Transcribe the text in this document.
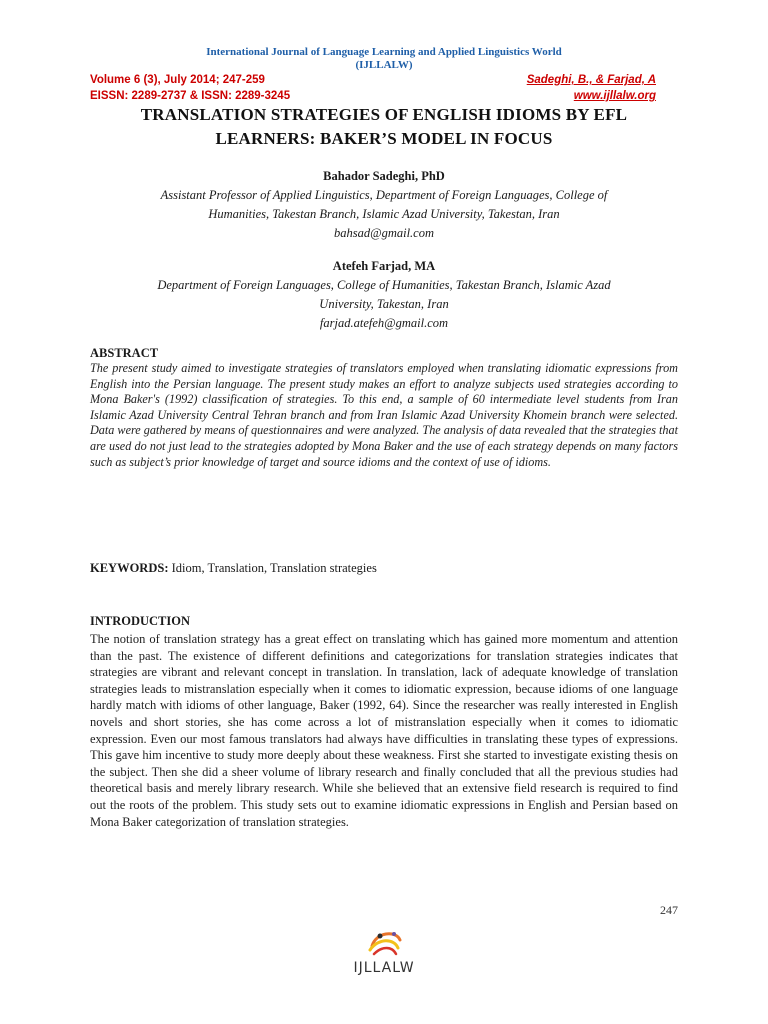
International Journal of Language Learning and Applied Linguistics World
(IJLLALW)
Volume 6 (3), July 2014; 247-259	Sadeghi, B., & Farjad, A
EISSN: 2289-2737 & ISSN: 2289-3245	www.ijllalw.org
TRANSLATION STRATEGIES OF ENGLISH IDIOMS BY EFL
LEARNERS: BAKER’S MODEL IN FOCUS
Bahador Sadeghi, PhD
Assistant Professor of Applied Linguistics, Department of Foreign Languages, College of
Humanities, Takestan Branch, Islamic Azad University, Takestan, Iran
bahsad@gmail.com
Atefeh Farjad, MA
Department of Foreign Languages, College of Humanities, Takestan Branch, Islamic Azad
University, Takestan, Iran
farjad.atefeh@gmail.com
ABSTRACT
The present study aimed to investigate strategies of translators employed when translating idiomatic expressions from English into the Persian language. The present study makes an effort to analyze subjects used strategies according to Mona Baker's (1992) classification of strategies. To this end, a sample of 60 intermediate level students from Iran Islamic Azad University Central Tehran branch and from Iran Islamic Azad University Khomein branch were selected. Data were gathered by means of questionnaires and were analyzed. The analysis of data revealed that the strategies that are used do not just lead to the strategies adopted by Mona Baker and the use of each strategy depends on many factors such as subject’s prior knowledge of target and source idioms and the context of use of idioms.
KEYWORDS: Idiom, Translation, Translation strategies
INTRODUCTION
The notion of translation strategy has a great effect on translating which has gained more momentum and attention than the past. The existence of different definitions and categorizations for translation strategies indicates that strategies are vibrant and relevant concept in translation. In translation, lack of adequate knowledge of translation strategies leads to mistranslation especially when it comes to idiomatic expression, because idioms of one language hardly match with idioms of other language, Baker (1992, 64). Since the researcher was really interested in English novels and short stories, she has come across a lot of mistranslation especially when it comes to idiomatic expression. Even our most famous translators had always have difficulties in translating these types of expressions. This gave him incentive to study more deeply about these weakness. First she started to investigate existing thesis on the subject. Then she did a sheer volume of library research and finally concluded that all the previous studies had theoretical basis and merely library research. While she believed that an extensive field research is required to find out the roots of the problem. This study sets out to examine idiomatic expressions in English and Persian based on Mona Baker categorization of translation strategies.
247
IJLLALW
